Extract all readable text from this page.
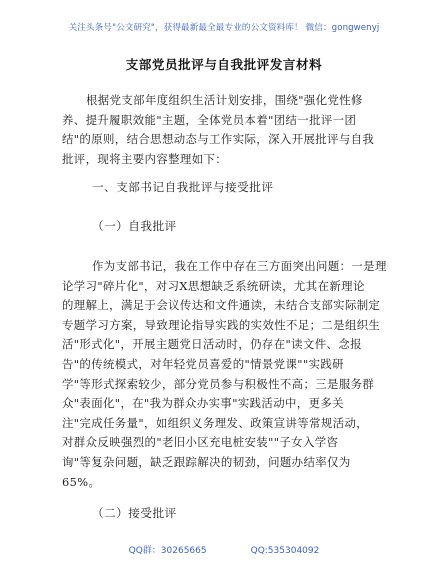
关注头条号"公文研究"，获得最新最全最专业的公文资料库！ 微信：gongwenyj
支部党员批评与自我批评发言材料
根据党支部年度组织生活计划安排，围绕"强化党性修
养、提升履职效能"主题，全体党员本着"团结一批评一团
结"的原则，结合思想动态与工作实际，深入开展批评与自我
批评，现将主要内容整理如下：
一、支部书记自我批评与接受批评
（一）自我批评
作为支部书记，我在工作中存在三方面突出问题：一是理
论学习"碎片化"，对习X思想缺乏系统研读，尤其在新理论
的理解上，满足于会议传达和文件通读，未结合支部实际制定
专题学习方案，导致理论指导实践的实效性不足；二是组织生
活"形式化"，开展主题党日活动时，仍存在"读文件、念报
告"的传统模式，对年轻党员喜爱的"情景党课""实践研
学"等形式探索较少，部分党员参与积极性不高；三是服务群
众"表面化"，在"我为群众办实事"实践活动中，更多关
注"完成任务量"，如组织义务理发、政策宣讲等常规活动，
对群众反映强烈的"老旧小区充电桩安装""子女入学咨
询"等复杂问题，缺乏跟踪解决的韧劲，问题办结率仅为
65%。
（二）接受批评
QQ群：30265665	QQ:535304092
